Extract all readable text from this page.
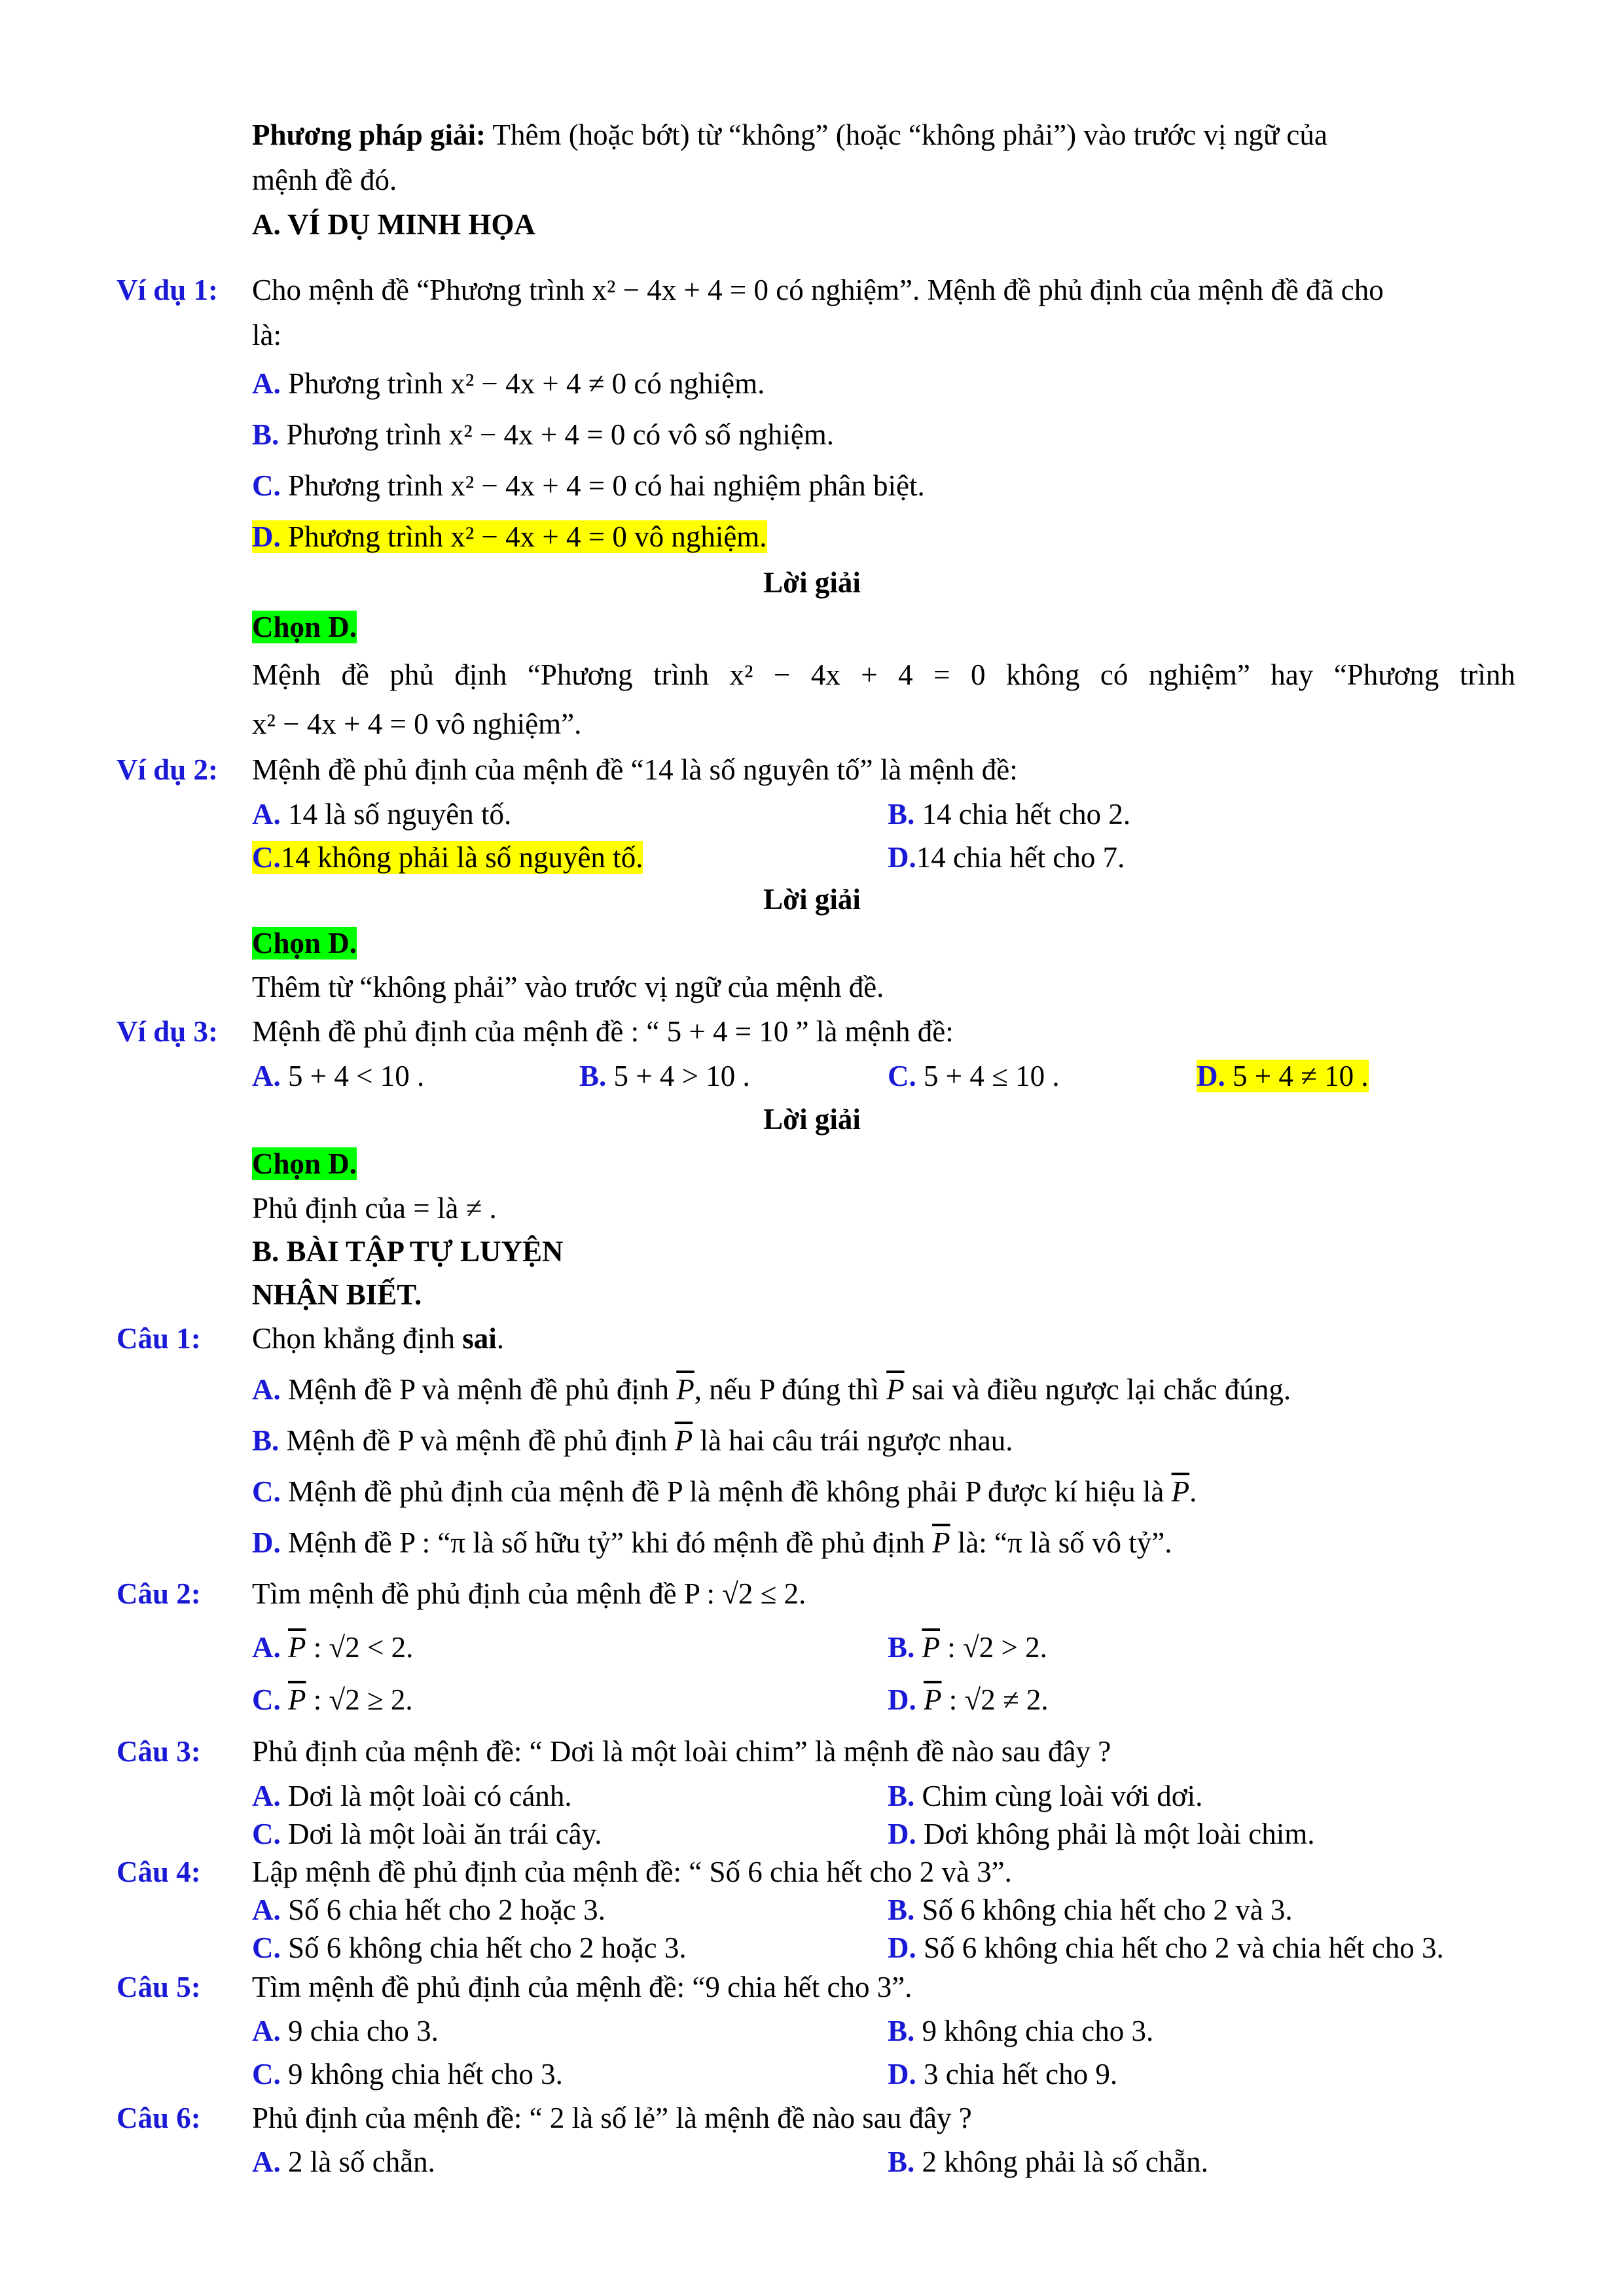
Phương pháp giải: Thêm (hoặc bớt) từ “không” (hoặc “không phải”) vào trước vị ngữ của
mệnh đề đó.
A. VÍ DỤ MINH HỌA
Ví dụ 1: Cho mệnh đề “Phương trình x² − 4x + 4 = 0 có nghiệm”. Mệnh đề phủ định của mệnh đề đã cho
là:
A. Phương trình x² − 4x + 4 ≠ 0 có nghiệm.
B. Phương trình x² − 4x + 4 = 0 có vô số nghiệm.
C. Phương trình x² − 4x + 4 = 0 có hai nghiệm phân biệt.
D. Phương trình x² − 4x + 4 = 0 vô nghiệm.
Lời giải
Chọn D.
Mệnh đề phủ định “Phương trình x² − 4x + 4 = 0 không có nghiệm” hay “Phương trình
x² − 4x + 4 = 0 vô nghiệm”.
Ví dụ 2: Mệnh đề phủ định của mệnh đề “14 là số nguyên tố” là mệnh đề:
A. 14 là số nguyên tố.	B. 14 chia hết cho 2.
C.14 không phải là số nguyên tố.	D.14 chia hết cho 7.
Lời giải
Chọn D.
Thêm từ “không phải” vào trước vị ngữ của mệnh đề.
Ví dụ 3: Mệnh đề phủ định của mệnh đề : “ 5 + 4 = 10 ” là mệnh đề:
A. 5 + 4 < 10 .	B. 5 + 4 > 10 .	C. 5 + 4 ≤ 10 .	D. 5 + 4 ≠ 10 .
Lời giải
Chọn D.
Phủ định của = là ≠ .
B. BÀI TẬP TỰ LUYỆN
NHẬN BIẾT.
Câu 1: Chọn khẳng định sai.
A. Mệnh đề P và mệnh đề phủ định $\overline{P}$, nếu P đúng thì $\overline{P}$ sai và điều ngược lại chắc đúng.
B. Mệnh đề P và mệnh đề phủ định $\overline{P}$ là hai câu trái ngược nhau.
C. Mệnh đề phủ định của mệnh đề P là mệnh đề không phải P được kí hiệu là $\overline{P}$.
D. Mệnh đề P : “π là số hữu tỷ” khi đó mệnh đề phủ định $\overline{P}$ là: “π là số vô tỷ”.
Câu 2: Tìm mệnh đề phủ định của mệnh đề P : √2 ≤ 2.
A. $\overline{P}$ : √2 < 2.	B. $\overline{P}$ : √2 > 2.
C. $\overline{P}$ : √2 ≥ 2.	D. $\overline{P}$ : √2 ≠ 2.
Câu 3: Phủ định của mệnh đề: “ Dơi là một loài chim” là mệnh đề nào sau đây ?
A. Dơi là một loài có cánh.	B. Chim cùng loài với dơi.
C. Dơi là một loài ăn trái cây.	D. Dơi không phải là một loài chim.
Câu 4: Lập mệnh đề phủ định của mệnh đề: “ Số 6 chia hết cho 2 và 3”.
A. Số 6 chia hết cho 2 hoặc 3.	B. Số 6 không chia hết cho 2 và 3.
C. Số 6 không chia hết cho 2 hoặc 3.	D. Số 6 không chia hết cho 2 và chia hết cho 3.
Câu 5: Tìm mệnh đề phủ định của mệnh đề: “9 chia hết cho 3”.
A. 9 chia cho 3.	B. 9 không chia cho 3.
C. 9 không chia hết cho 3.	D. 3 chia hết cho 9.
Câu 6: Phủ định của mệnh đề: “ 2 là số lẻ” là mệnh đề nào sau đây ?
A. 2 là số chẵn.	B. 2 không phải là số chẵn.
